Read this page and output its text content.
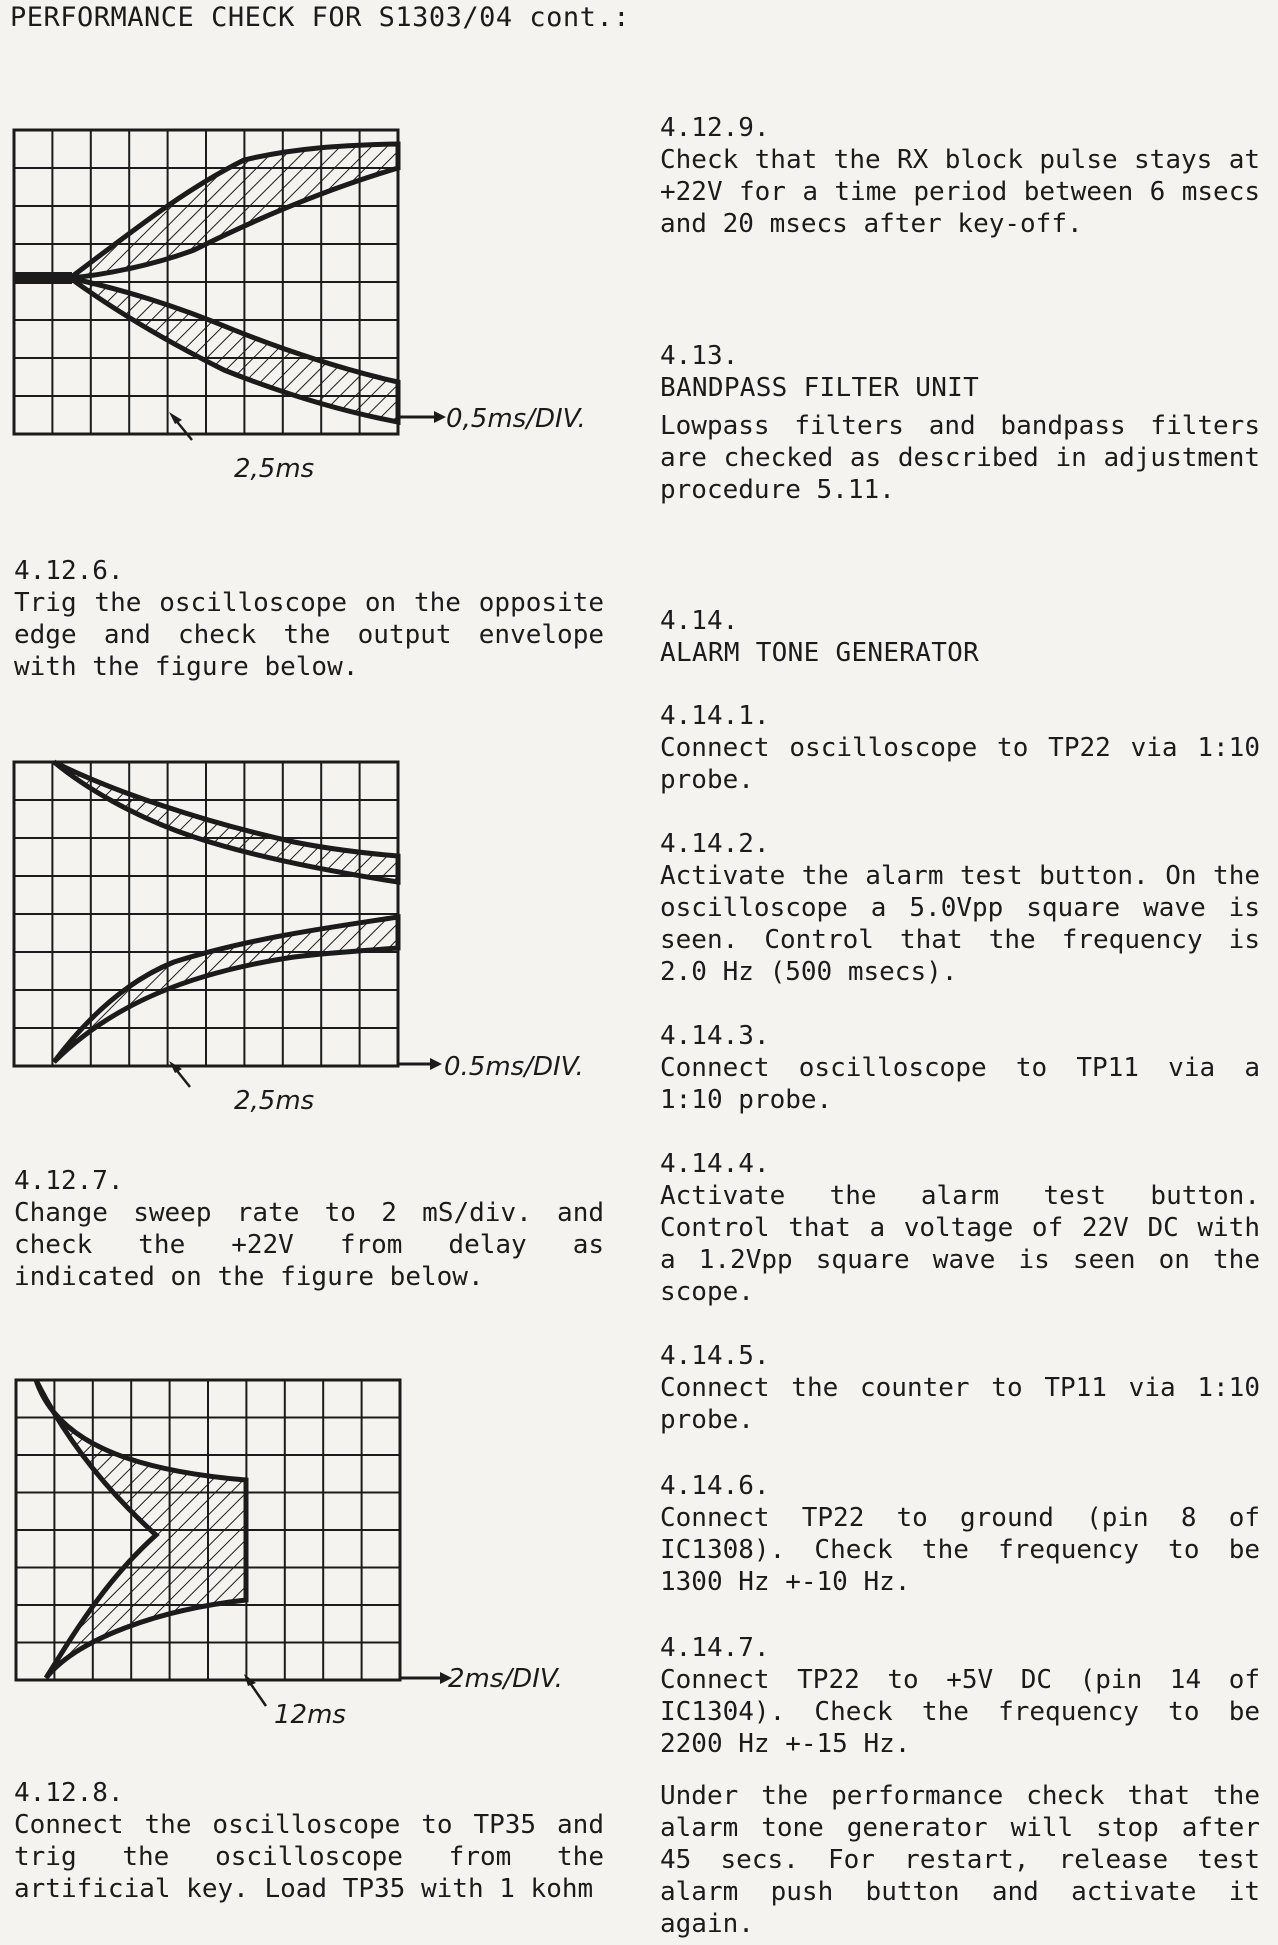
PERFORMANCE CHECK FOR S1303/04 cont.:
0,5ms/DIV.
2,5ms
0.5ms/DIV.
2,5ms
2ms/DIV.
12ms
4.12.6.
Trig the oscilloscope on the opposite edge and check the output envelope with the figure below.
4.12.7.
Change sweep rate to 2 mS/div. and check the +22V from delay as indicated on the figure below.
4.12.8.
Connect the oscilloscope to TP35 and trig the oscilloscope from the artificial key. Load TP35 with 1 kohm
4.12.9.
Check that the RX block pulse stays at +22V for a time period between 6 msecs and 20 msecs after key-off.
4.13.
BANDPASS FILTER UNIT
Lowpass filters and bandpass filters are checked as described in adjustment procedure 5.11.
4.14.
ALARM TONE GENERATOR
4.14.1.
Connect oscilloscope to TP22 via 1:10 probe.
4.14.2.
Activate the alarm test button. On the oscilloscope a 5.0Vpp square wave is seen. Control that the frequency is 2.0 Hz (500 msecs).
4.14.3.
Connect oscilloscope to TP11 via a 1:10 probe.
4.14.4.
Activate the alarm test button. Control that a voltage of 22V DC with a 1.2Vpp square wave is seen on the scope.
4.14.5.
Connect the counter to TP11 via 1:10 probe.
4.14.6.
Connect TP22 to ground (pin 8 of IC1308). Check the frequency to be 1300 Hz +-10 Hz.
4.14.7.
Connect TP22 to +5V DC (pin 14 of IC1304). Check the frequency to be 2200 Hz +-15 Hz.
Under the performance check that the alarm tone generator will stop after 45 secs. For restart, release test alarm push button and activate it again.
